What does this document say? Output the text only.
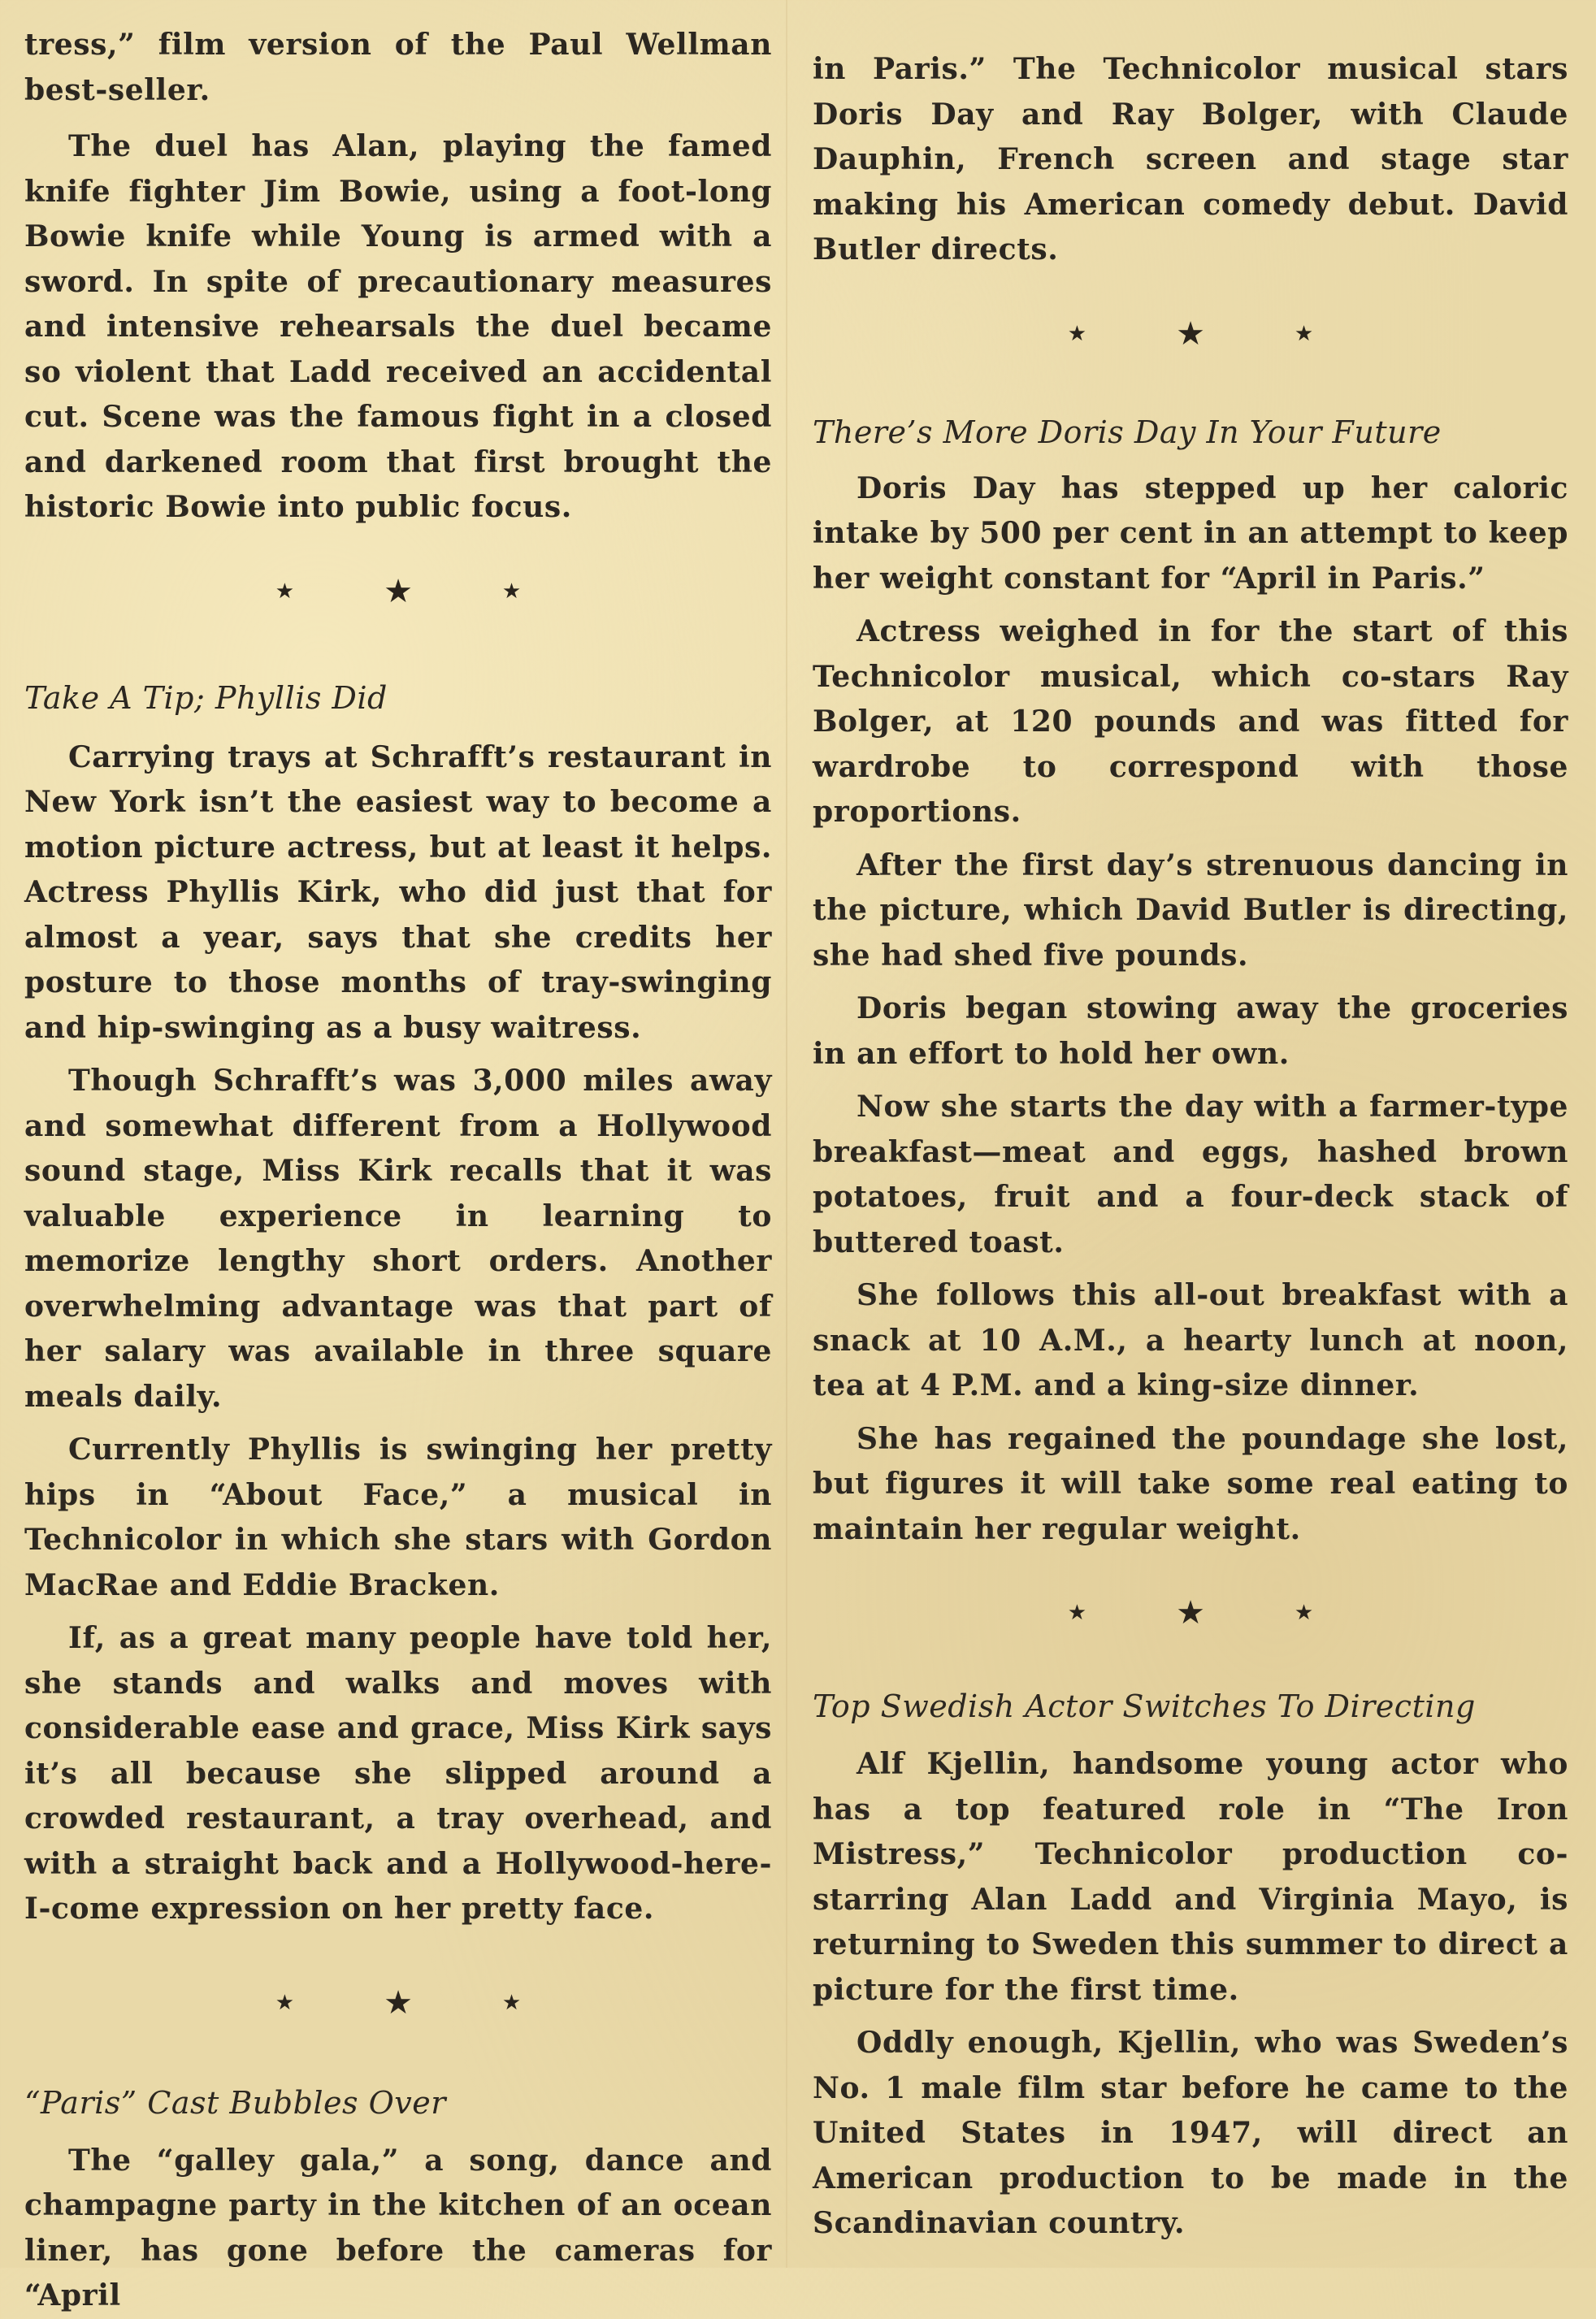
tress,” film version of the Paul Wellman best-seller.

The duel has Alan, playing the famed knife fighter Jim Bowie, using a foot-long Bowie knife while Young is armed with a sword. In spite of precautionary measures and intensive rehearsals the duel became so violent that Ladd received an accidental cut. Scene was the famous fight in a closed and darkened room that first brought the historic Bowie into public focus.

★	★	★
Take A Tip; Phyllis Did

Carrying trays at Schrafft’s restaurant in New York isn’t the easiest way to become a motion picture actress, but at least it helps. Actress Phyllis Kirk, who did just that for almost a year, says that she credits her posture to those months of tray-swinging and hip-swinging as a busy waitress.

Though Schrafft’s was 3,000 miles away and somewhat different from a Hollywood sound stage, Miss Kirk recalls that it was valuable experience in learning to memorize lengthy short orders. Another overwhelming advantage was that part of her salary was available in three square meals daily.

Currently Phyllis is swinging her pretty hips in “About Face,” a musical in Technicolor in which she stars with Gordon MacRae and Eddie Bracken.

If, as a great many people have told her, she stands and walks and moves with considerable ease and grace, Miss Kirk says it’s all because she slipped around a crowded restaurant, a tray overhead, and with a straight back and a Hollywood-here-I-come expression on her pretty face.

★	★	★
“Paris” Cast Bubbles Over

The “galley gala,” a song, dance and champagne party in the kitchen of an ocean liner, has gone before the cameras for “April

in Paris.” The Technicolor musical stars Doris Day and Ray Bolger, with Claude Dauphin, French screen and stage star making his American comedy debut. David Butler directs.

★	★	★
There’s More Doris Day In Your Future

Doris Day has stepped up her caloric intake by 500 per cent in an attempt to keep her weight constant for “April in Paris.”

Actress weighed in for the start of this Technicolor musical, which co-stars Ray Bolger, at 120 pounds and was fitted for wardrobe to correspond with those proportions.

After the first day’s strenuous dancing in the picture, which David Butler is directing, she had shed five pounds.

Doris began stowing away the groceries in an effort to hold her own.

Now she starts the day with a farmer-type breakfast—meat and eggs, hashed brown potatoes, fruit and a four-deck stack of buttered toast.

She follows this all-out breakfast with a snack at 10 A.M., a hearty lunch at noon, tea at 4 P.M. and a king-size dinner.

She has regained the poundage she lost, but figures it will take some real eating to maintain her regular weight.

★	★	★
Top Swedish Actor Switches To Directing

Alf Kjellin, handsome young actor who has a top featured role in “The Iron Mistress,” Technicolor production co-starring Alan Ladd and Virginia Mayo, is returning to Sweden this summer to direct a picture for the first time.

Oddly enough, Kjellin, who was Sweden’s No. 1 male film star before he came to the United States in 1947, will direct an American production to be made in the Scandinavian country.
